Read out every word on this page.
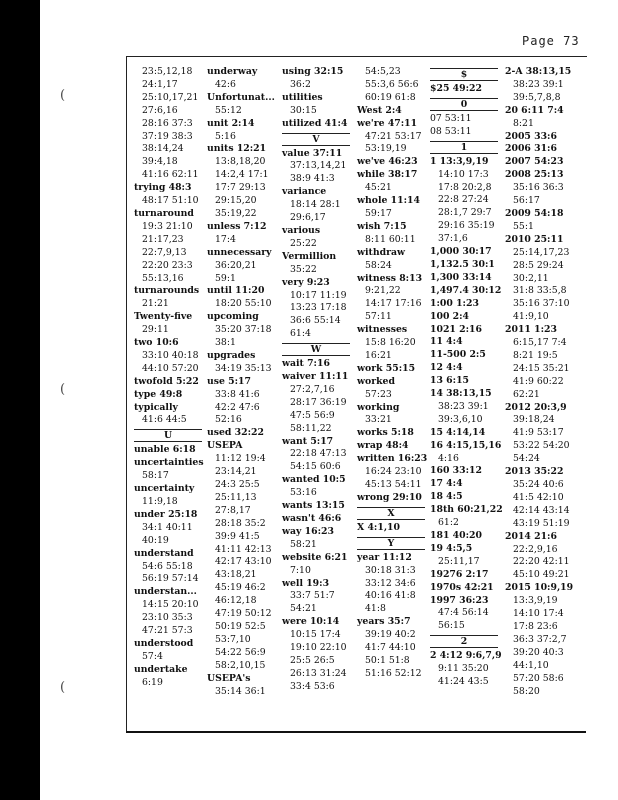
(
(
(
Page 73
23:5,12,18
24:1,17
25:10,17,21
27:6,16
28:16 37:3
37:19 38:3
38:14,24
39:4,18
41:16 62:11
trying 48:3
48:17 51:10
turnaround
19:3 21:10
21:17,23
22:7,9,13
22:20 23:3
55:13,16
turnarounds
21:21
Twenty-five
29:11
two 10:6
33:10 40:18
44:10 57:20
twofold 5:22
type 49:8
typically
41:6 44:5
U
unable 6:18
uncertainties
58:17
uncertainty
11:9,18
under 25:18
34:1 40:11
40:19
understand
54:6 55:18
56:19 57:14
understan...
14:15 20:10
23:10 35:3
47:21 57:3
understood
57:4
undertake
6:19
underway
42:6
Unfortunat...
55:12
unit 2:14
5:16
units 12:21
13:8,18,20
14:2,4 17:1
17:7 29:13
29:15,20
35:19,22
unless 7:12
17:4
unnecessary
36:20,21
59:1
until 11:20
18:20 55:10
upcoming
35:20 37:18
38:1
upgrades
34:19 35:13
use 5:17
33:8 41:6
42:2 47:6
52:16
used 32:22
USEPA
11:12 19:4
23:14,21
24:3 25:5
25:11,13
27:8,17
28:18 35:2
39:9 41:5
41:11 42:13
42:17 43:10
43:18,21
45:19 46:2
46:12,18
47:19 50:12
50:19 52:5
53:7,10
54:22 56:9
58:2,10,15
USEPA's
35:14 36:1
using 32:15
36:2
utilities
30:15
utilized 41:4
V
value 37:11
37:13,14,21
38:9 41:3
variance
18:14 28:1
29:6,17
various
25:22
Vermillion
35:22
very 9:23
10:17 11:19
13:23 17:18
36:6 55:14
61:4
W
wait 7:16
waiver 11:11
27:2,7,16
28:17 36:19
47:5 56:9
58:11,22
want 5:17
22:18 47:13
54:15 60:6
wanted 10:5
53:16
wants 13:15
wasn't 46:6
way 16:23
58:21
website 6:21
7:10
well 19:3
33:7 51:7
54:21
were 10:14
10:15 17:4
19:10 22:10
25:5 26:5
26:13 31:24
33:4 53:6
54:5,23
55:3,6 56:6
60:19 61:8
West 2:4
we're 47:11
47:21 53:17
53:19,19
we've 46:23
while 38:17
45:21
whole 11:14
59:17
wish 7:15
8:11 60:11
withdraw
58:24
witness 8:13
9:21,22
14:17 17:16
57:11
witnesses
15:8 16:20
16:21
work 55:15
worked
57:23
working
33:21
works 5:18
wrap 48:4
written 16:23
16:24 23:10
45:13 54:11
wrong 29:10
X
X 4:1,10
Y
year 11:12
30:18 31:3
33:12 34:6
40:16 41:8
41:8
years 35:7
39:19 40:2
41:7 44:10
50:1 51:8
51:16 52:12
$
$25 49:22
0
07 53:11
08 53:11
1
1 13:3,9,19
14:10 17:3
17:8 20:2,8
22:8 27:24
28:1,7 29:7
29:16 35:19
37:1,6
1,000 30:17
1,132.5 30:1
1,300 33:14
1,497.4 30:12
1:00 1:23
100 2:4
1021 2:16
11 4:4
11-500 2:5
12 4:4
13 6:15
14 38:13,15
38:23 39:1
39:3,6,10
15 4:14,14
16 4:15,15,16
4:16
160 33:12
17 4:4
18 4:5
18th 60:21,22
61:2
181 40:20
19 4:5,5
25:11,17
19276 2:17
1970s 42:21
1997 36:23
47:4 56:14
56:15
2
2 4:12 9:6,7,9
9:11 35:20
41:24 43:5
2-A 38:13,15
38:23 39:1
39:5,7,8,8
20 6:11 7:4
8:21
2005 33:6
2006 31:6
2007 54:23
2008 25:13
35:16 36:3
56:17
2009 54:18
55:1
2010 25:11
25:14,17,23
28:5 29:24
30:2,11
31:8 33:5,8
35:16 37:10
41:9,10
2011 1:23
6:15,17 7:4
8:21 19:5
24:15 35:21
41:9 60:22
62:21
2012 20:3,9
39:18,24
41:9 53:17
53:22 54:20
54:24
2013 35:22
35:24 40:6
41:5 42:10
42:14 43:14
43:19 51:19
2014 21:6
22:2,9,16
22:20 42:11
45:10 49:21
2015 10:9,19
13:3,9,19
14:10 17:4
17:8 23:6
36:3 37:2,7
39:20 40:3
44:1,10
57:20 58:6
58:20
